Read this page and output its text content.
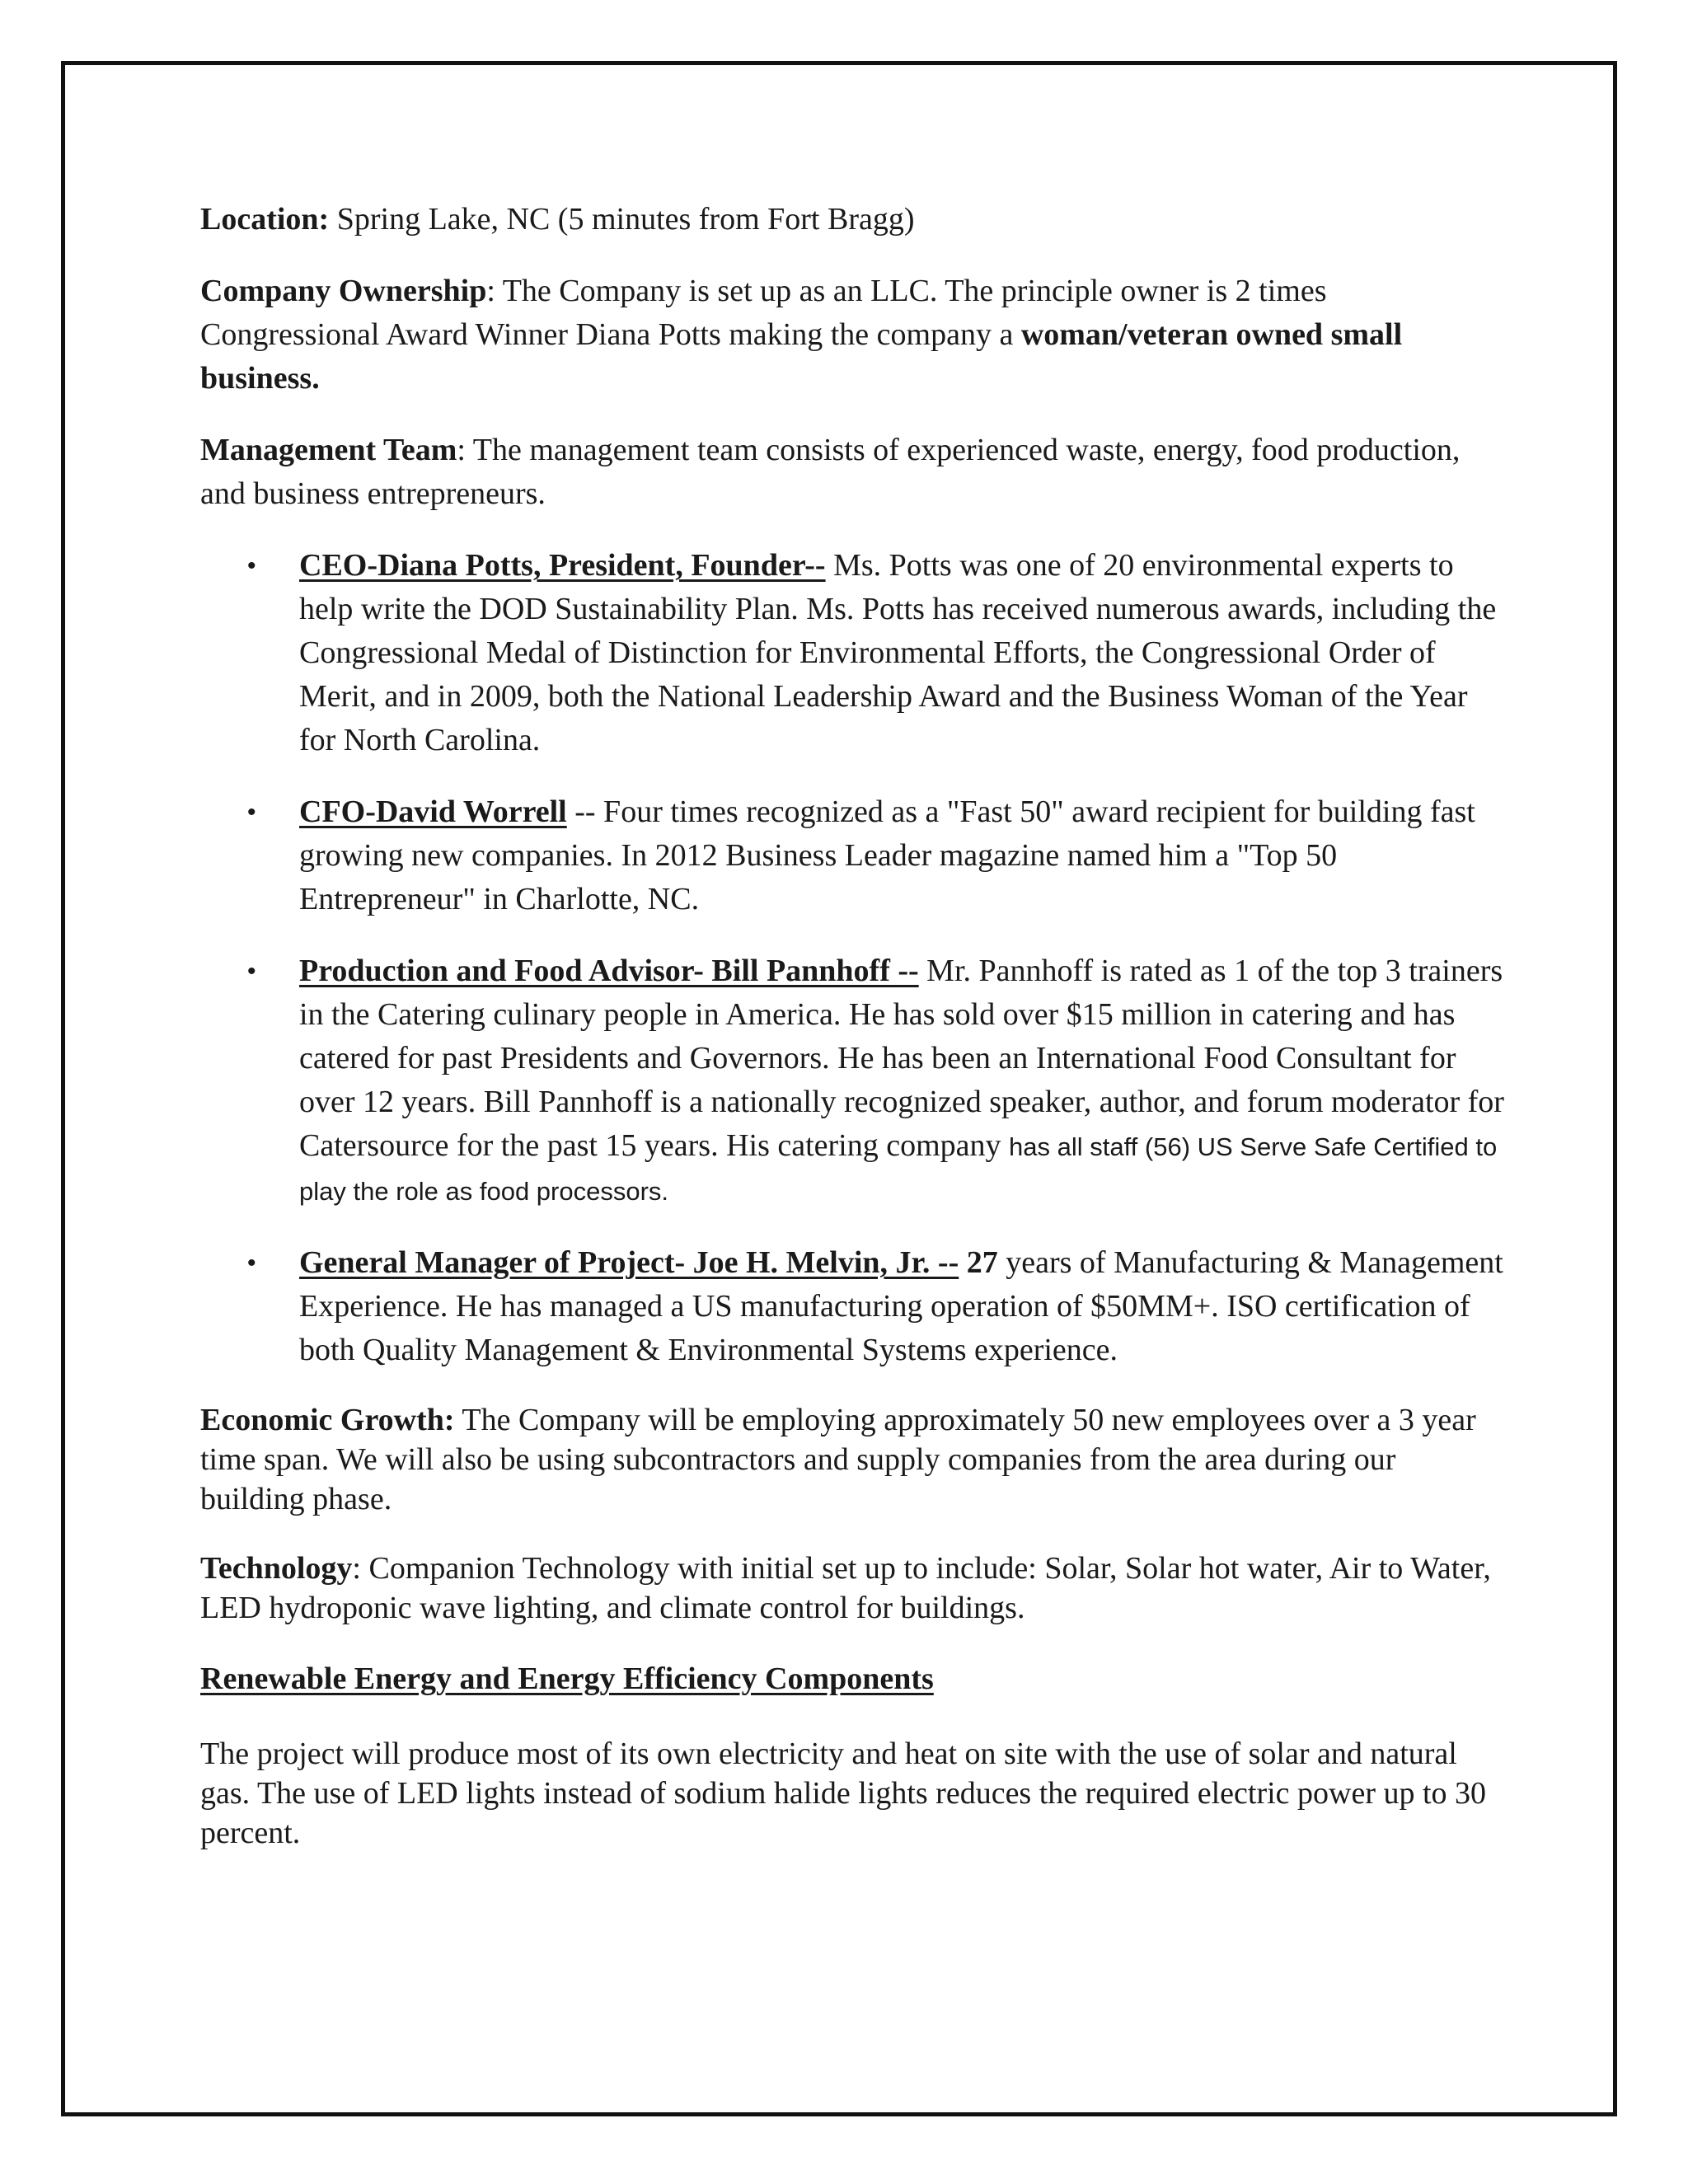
Location: Spring Lake, NC (5 minutes from Fort Bragg)

Company Ownership: The Company is set up as an LLC. The principle owner is 2 times Congressional Award Winner Diana Potts making the company a woman/veteran owned small business.

Management Team: The management team consists of experienced waste, energy, food production, and business entrepreneurs.

• CEO-Diana Potts, President, Founder-- Ms. Potts was one of 20 environmental experts to help write the DOD Sustainability Plan. Ms. Potts has received numerous awards, including the Congressional Medal of Distinction for Environmental Efforts, the Congressional Order of Merit, and in 2009, both the National Leadership Award and the Business Woman of the Year for North Carolina.
• CFO-David Worrell -- Four times recognized as a "Fast 50" award recipient for building fast growing new companies. In 2012 Business Leader magazine named him a "Top 50 Entrepreneur" in Charlotte, NC.
• Production and Food Advisor- Bill Pannhoff -- Mr. Pannhoff is rated as 1 of the top 3 trainers in the Catering culinary people in America. He has sold over $15 million in catering and has catered for past Presidents and Governors. He has been an International Food Consultant for over 12 years. Bill Pannhoff is a nationally recognized speaker, author, and forum moderator for Catersource for the past 15 years. His catering company has all staff (56) US Serve Safe Certified to play the role as food processors.
• General Manager of Project- Joe H. Melvin, Jr. -- 27 years of Manufacturing & Management Experience. He has managed a US manufacturing operation of $50MM+. ISO certification of both Quality Management & Environmental Systems experience.

Economic Growth: The Company will be employing approximately 50 new employees over a 3 year time span. We will also be using subcontractors and supply companies from the area during our building phase.

Technology: Companion Technology with initial set up to include: Solar, Solar hot water, Air to Water, LED hydroponic wave lighting, and climate control for buildings.

Renewable Energy and Energy Efficiency Components

The project will produce most of its own electricity and heat on site with the use of solar and natural gas. The use of LED lights instead of sodium halide lights reduces the required electric power up to 30 percent.
